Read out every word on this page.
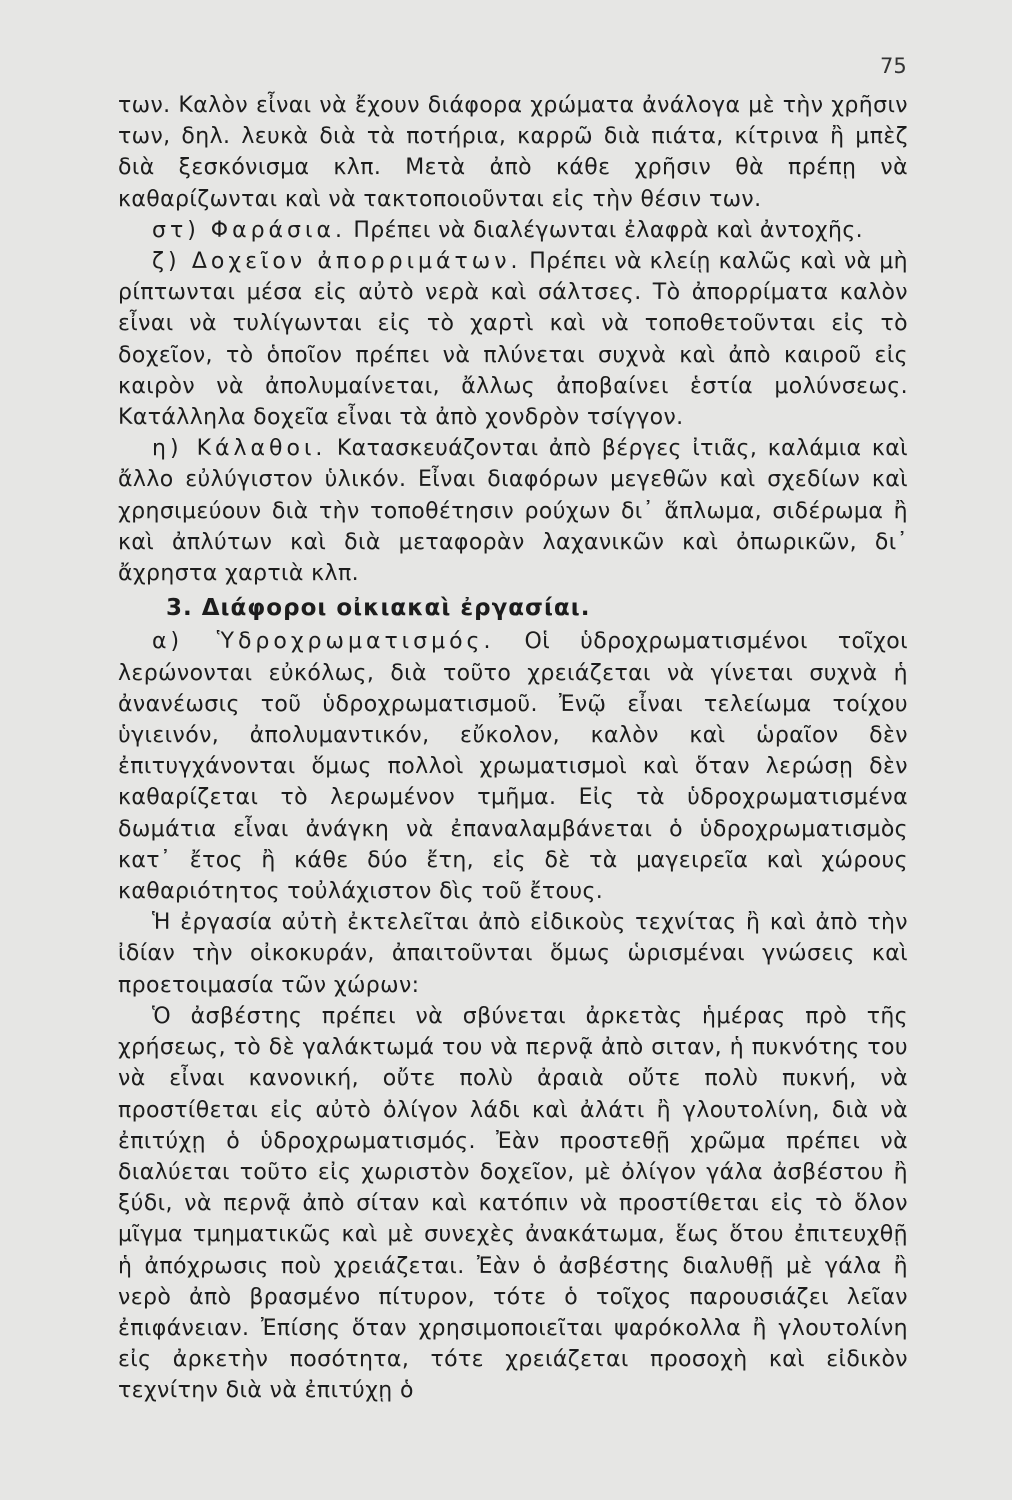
75

των. Καλὸν εἶναι νὰ ἔχουν διάφορα χρώματα ἀνάλογα μὲ τὴν χρῆσιν των, δηλ. λευκὰ διὰ τὰ ποτήρια, καρρῶ διὰ πιάτα, κίτρινα ἢ μπὲζ διὰ ξεσκόνισμα κλπ. Μετὰ ἀπὸ κάθε χρῆσιν θὰ πρέπῃ νὰ καθαρίζωνται καὶ νὰ τακτοποιοῦνται εἰς τὴν θέσιν των.

στ) Φαράσια. Πρέπει νὰ διαλέγωνται ἐλαφρὰ καὶ ἀντοχῆς.

ζ) Δοχεῖον ἀπορριμάτων. Πρέπει νὰ κλείῃ καλῶς καὶ νὰ μὴ ρίπτωνται μέσα εἰς αὐτὸ νερὰ καὶ σάλτσες. Τὸ ἀπορρίματα καλὸν εἶναι νὰ τυλίγωνται εἰς τὸ χαρτὶ καὶ νὰ τοποθετοῦνται εἰς τὸ δοχεῖον, τὸ ὁποῖον πρέπει νὰ πλύνεται συχνὰ καὶ ἀπὸ καιροῦ εἰς καιρὸν νὰ ἀπολυμαίνεται, ἄλλως ἀποβαίνει ἑστία μολύνσεως. Κατάλληλα δοχεῖα εἶναι τὰ ἀπὸ χονδρὸν τσίγγον.

η) Κάλαθοι. Κατασκευάζονται ἀπὸ βέργες ἰτιᾶς, καλάμια καὶ ἄλλο εὐλύγιστον ὑλικόν. Εἶναι διαφόρων μεγεθῶν καὶ σχεδίων καὶ χρησιμεύουν διὰ τὴν τοποθέτησιν ρούχων δι᾽ ἅπλωμα, σιδέρωμα ἢ καὶ ἀπλύτων καὶ διὰ μεταφορὰν λαχανικῶν καὶ ὀπωρικῶν, δι᾽ ἄχρηστα χαρτιὰ κλπ.

3. Διάφοροι οἰκιακαὶ ἐργασίαι.

α) Ὑδροχρωματισμός. Οἱ ὑδροχρωματισμένοι τοῖχοι λερώνονται εὐκόλως, διὰ τοῦτο χρειάζεται νὰ γίνεται συχνὰ ἡ ἀνανέωσις τοῦ ὑδροχρωματισμοῦ. Ἐνῷ εἶναι τελείωμα τοίχου ὑγιεινόν, ἀπολυμαντικόν, εὔκολον, καλὸν καὶ ὡραῖον δὲν ἐπιτυγχάνονται ὅμως πολλοὶ χρωματισμοὶ καὶ ὅταν λερώσῃ δὲν καθαρίζεται τὸ λερωμένον τμῆμα. Εἰς τὰ ὑδροχρωματισμένα δωμάτια εἶναι ἀνάγκη νὰ ἐπαναλαμβάνεται ὁ ὑδροχρωματισμὸς κατ᾽ ἔτος ἢ κάθε δύο ἔτη, εἰς δὲ τὰ μαγειρεῖα καὶ χώρους καθαριότητος τοὐλάχιστον δὶς τοῦ ἔτους.

Ἡ ἐργασία αὐτὴ ἐκτελεῖται ἀπὸ εἰδικοὺς τεχνίτας ἢ καὶ ἀπὸ τὴν ἰδίαν τὴν οἰκοκυράν, ἀπαιτοῦνται ὅμως ὡρισμέναι γνώσεις καὶ προετοιμασία τῶν χώρων:

Ὁ ἀσβέστης πρέπει νὰ σβύνεται ἀρκετὰς ἡμέρας πρὸ τῆς χρήσεως, τὸ δὲ γαλάκτωμά του νὰ περνᾷ ἀπὸ σιταν, ἡ πυκνότης του νὰ εἶναι κανονική, οὔτε πολὺ ἀραιὰ οὔτε πολὺ πυκνή, νὰ προστίθεται εἰς αὐτὸ ὀλίγον λάδι καὶ ἀλάτι ἢ γλουτολίνη, διὰ νὰ ἐπιτύχῃ ὁ ὑδροχρωματισμός. Ἐὰν προστεθῇ χρῶμα πρέπει νὰ διαλύεται τοῦτο εἰς χωριστὸν δοχεῖον, μὲ ὀλίγον γάλα ἀσβέστου ἢ ξύδι, νὰ περνᾷ ἀπὸ σίταν καὶ κατόπιν νὰ προστίθεται εἰς τὸ ὅλον μῖγμα τμηματικῶς καὶ μὲ συνεχὲς ἀνακάτωμα, ἕως ὅτου ἐπιτευχθῇ ἡ ἀπόχρωσις ποὺ χρειάζεται. Ἐὰν ὁ ἀσβέστης διαλυθῇ μὲ γάλα ἢ νερὸ ἀπὸ βρασμένο πίτυρον, τότε ὁ τοῖχος παρουσιάζει λεῖαν ἐπιφάνειαν. Ἐπίσης ὅταν χρησιμοποιεῖται ψαρόκολλα ἢ γλουτολίνη εἰς ἀρκετὴν ποσότητα, τότε χρειάζεται προσοχὴ καὶ εἰδικὸν τεχνίτην διὰ νὰ ἐπιτύχῃ ὁ
